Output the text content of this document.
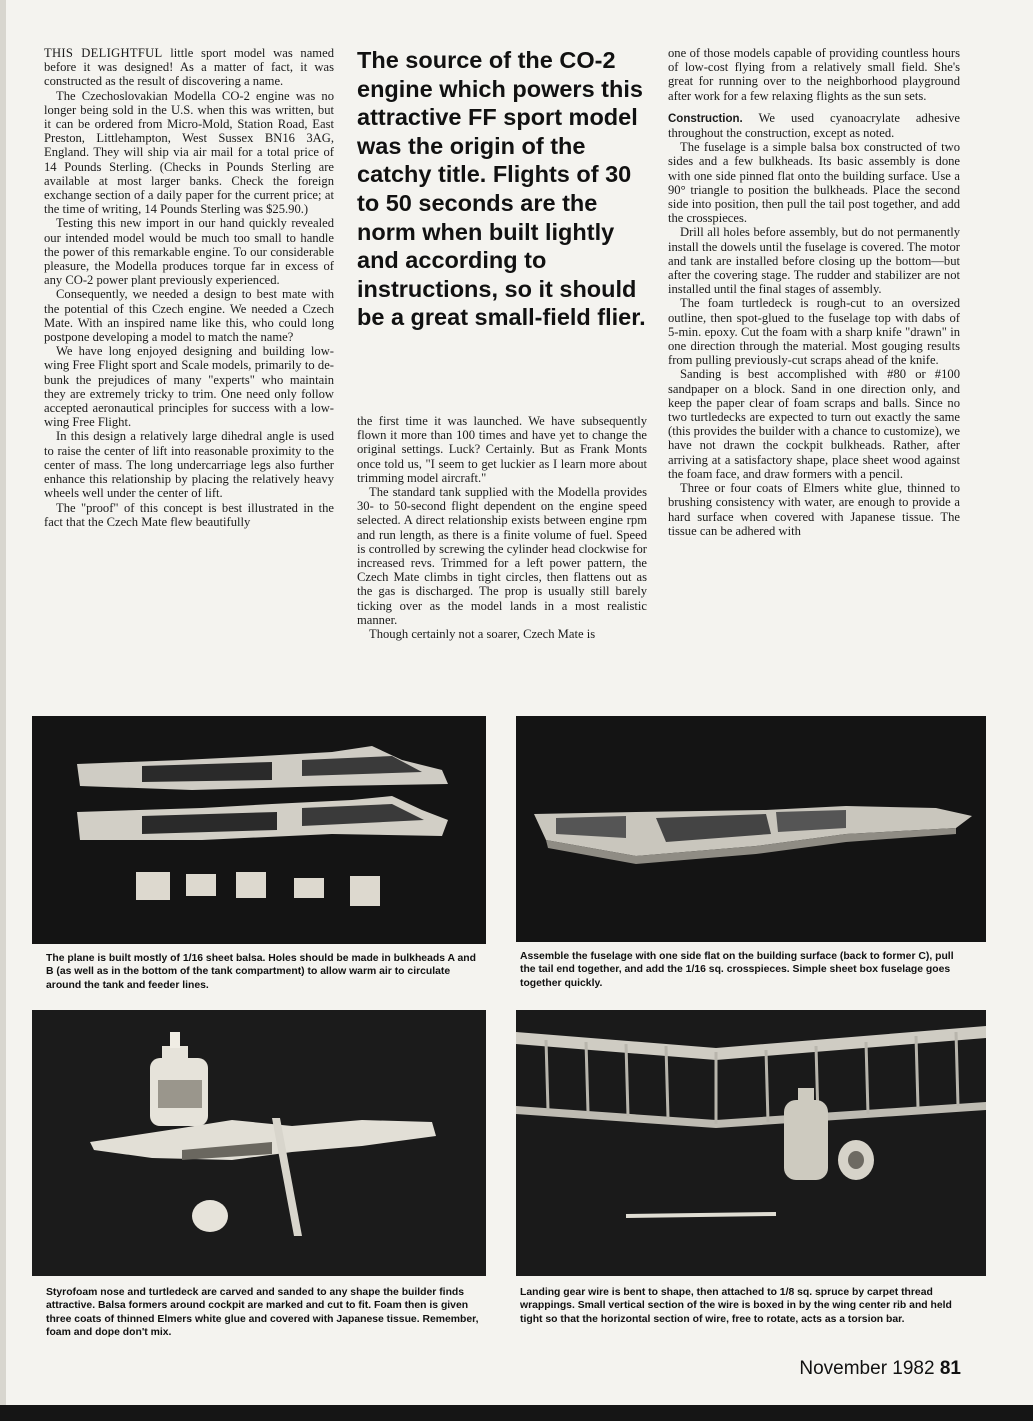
THIS DELIGHTFUL little sport model was named before it was designed! As a matter of fact, it was constructed as the result of discovering a name.

The Czechoslovakian Modella CO-2 engine was no longer being sold in the U.S. when this was written, but it can be ordered from Micro-Mold, Station Road, East Preston, Littlehampton, West Sussex BN16 3AG, England. They will ship via air mail for a total price of 14 Pounds Sterling. (Checks in Pounds Sterling are available at most larger banks. Check the foreign exchange section of a daily paper for the current price; at the time of writing, 14 Pounds Sterling was $25.90.)

Testing this new import in our hand quickly revealed our intended model would be much too small to handle the power of this remarkable engine. To our considerable pleasure, the Modella produces torque far in excess of any CO-2 power plant previously experienced.

Consequently, we needed a design to best mate with the potential of this Czech engine. We needed a Czech Mate. With an inspired name like this, who could long postpone developing a model to match the name?

We have long enjoyed designing and building low-wing Free Flight sport and Scale models, primarily to de-bunk the prejudices of many "experts" who maintain they are extremely tricky to trim. One need only follow accepted aeronautical principles for success with a low-wing Free Flight.

In this design a relatively large dihedral angle is used to raise the center of lift into reasonable proximity to the center of mass. The long undercarriage legs also further enhance this relationship by placing the relatively heavy wheels well under the center of lift.

The "proof" of this concept is best illustrated in the fact that the Czech Mate flew beautifully

The source of the CO-2 engine which powers this attractive FF sport model was the origin of the catchy title. Flights of 30 to 50 seconds are the norm when built lightly and according to instructions, so it should be a great small-field flier.

the first time it was launched. We have subsequently flown it more than 100 times and have yet to change the original settings. Luck? Certainly. But as Frank Monts once told us, "I seem to get luckier as I learn more about trimming model aircraft."

The standard tank supplied with the Modella provides 30- to 50-second flight dependent on the engine speed selected. A direct relationship exists between engine rpm and run length, as there is a finite volume of fuel. Speed is controlled by screwing the cylinder head clockwise for increased revs. Trimmed for a left power pattern, the Czech Mate climbs in tight circles, then flattens out as the gas is discharged. The prop is usually still barely ticking over as the model lands in a most realistic manner.

Though certainly not a soarer, Czech Mate is

one of those models capable of providing countless hours of low-cost flying from a relatively small field. She's great for running over to the neighborhood playground after work for a few relaxing flights as the sun sets.

Construction. We used cyanoacrylate adhesive throughout the construction, except as noted.

The fuselage is a simple balsa box constructed of two sides and a few bulkheads. Its basic assembly is done with one side pinned flat onto the building surface. Use a 90° triangle to position the bulkheads. Place the second side into position, then pull the tail post together, and add the crosspieces.

Drill all holes before assembly, but do not permanently install the dowels until the fuselage is covered. The motor and tank are installed before closing up the bottom—but after the covering stage. The rudder and stabilizer are not installed until the final stages of assembly.

The foam turtledeck is rough-cut to an oversized outline, then spot-glued to the fuselage top with dabs of 5-min. epoxy. Cut the foam with a sharp knife "drawn" in one direction through the material. Most gouging results from pulling previously-cut scraps ahead of the knife.

Sanding is best accomplished with #80 or #100 sandpaper on a block. Sand in one direction only, and keep the paper clear of foam scraps and balls. Since no two turtledecks are expected to turn out exactly the same (this provides the builder with a chance to customize), we have not drawn the cockpit bulkheads. Rather, after arriving at a satisfactory shape, place sheet wood against the foam face, and draw formers with a pencil.

Three or four coats of Elmers white glue, thinned to brushing consistency with water, are enough to provide a hard surface when covered with Japanese tissue. The tissue can be adhered with

The plane is built mostly of 1/16 sheet balsa. Holes should be made in bulkheads A and B (as well as in the bottom of the tank compartment) to allow warm air to circulate around the tank and feeder lines.
Assemble the fuselage with one side flat on the building surface (back to former C), pull the tail end together, and add the 1/16 sq. crosspieces. Simple sheet box fuselage goes together quickly.
Styrofoam nose and turtledeck are carved and sanded to any shape the builder finds attractive. Balsa formers around cockpit are marked and cut to fit. Foam then is given three coats of thinned Elmers white glue and covered with Japanese tissue. Remember, foam and dope don't mix.
Landing gear wire is bent to shape, then attached to 1/8 sq. spruce by carpet thread wrappings. Small vertical section of the wire is boxed in by the wing center rib and held tight so that the horizontal section of wire, free to rotate, acts as a torsion bar.
November 1982 81
